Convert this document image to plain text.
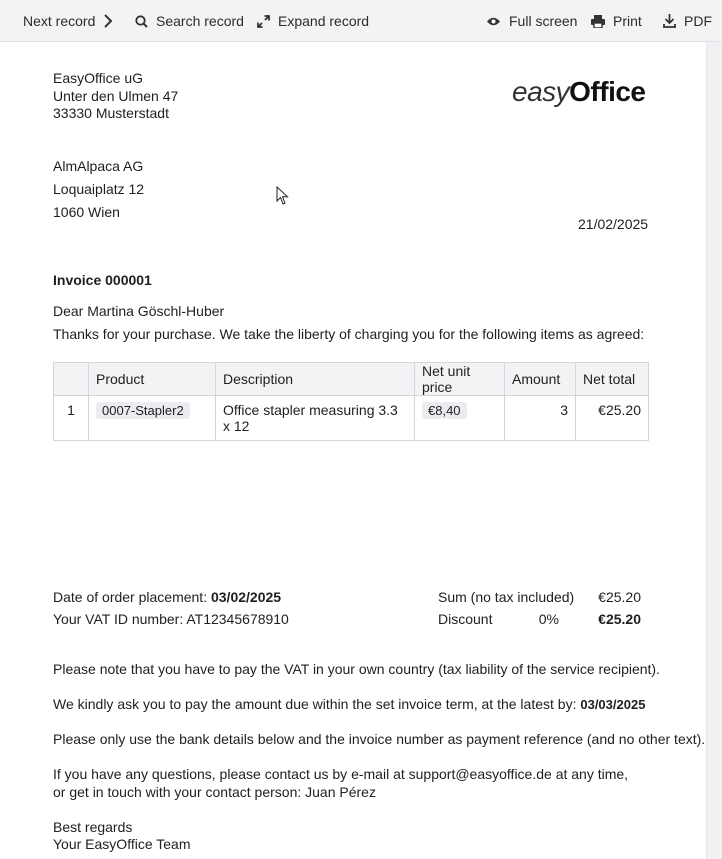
Next record	Search record Expand record	Full screen	Print	PDF
EasyOffice uG
Unter den Ulmen 47
33330 Musterstadt
easyOffice
AlmAlpaca AG
Loquaiplatz 12
1060 Wien
21/02/2025
Invoice 000001
Dear Martina Göschl-Huber
Thanks for your purchase. We take the liberty of charging you for the following items as agreed:
	Product	Description	Net unit price	Amount	Net total
1	0007-Stapler2	Office stapler measuring 3.3 x 12	€8,40	3	€25.20
Date of order placement: 03/02/2025
Your VAT ID number: AT12345678910
Sum (no tax included) €25.20
Discount	0%	€25.20
Please note that you have to pay the VAT in your own country (tax liability of the service recipient).
We kindly ask you to pay the amount due within the set invoice term, at the latest by: 03/03/2025
Please only use the bank details below and the invoice number as payment reference (and no other text).
If you have any questions, please contact us by e-mail at support@easyoffice.de at any time,
or get in touch with your contact person: Juan Pérez
Best regards
Your EasyOffice Team
